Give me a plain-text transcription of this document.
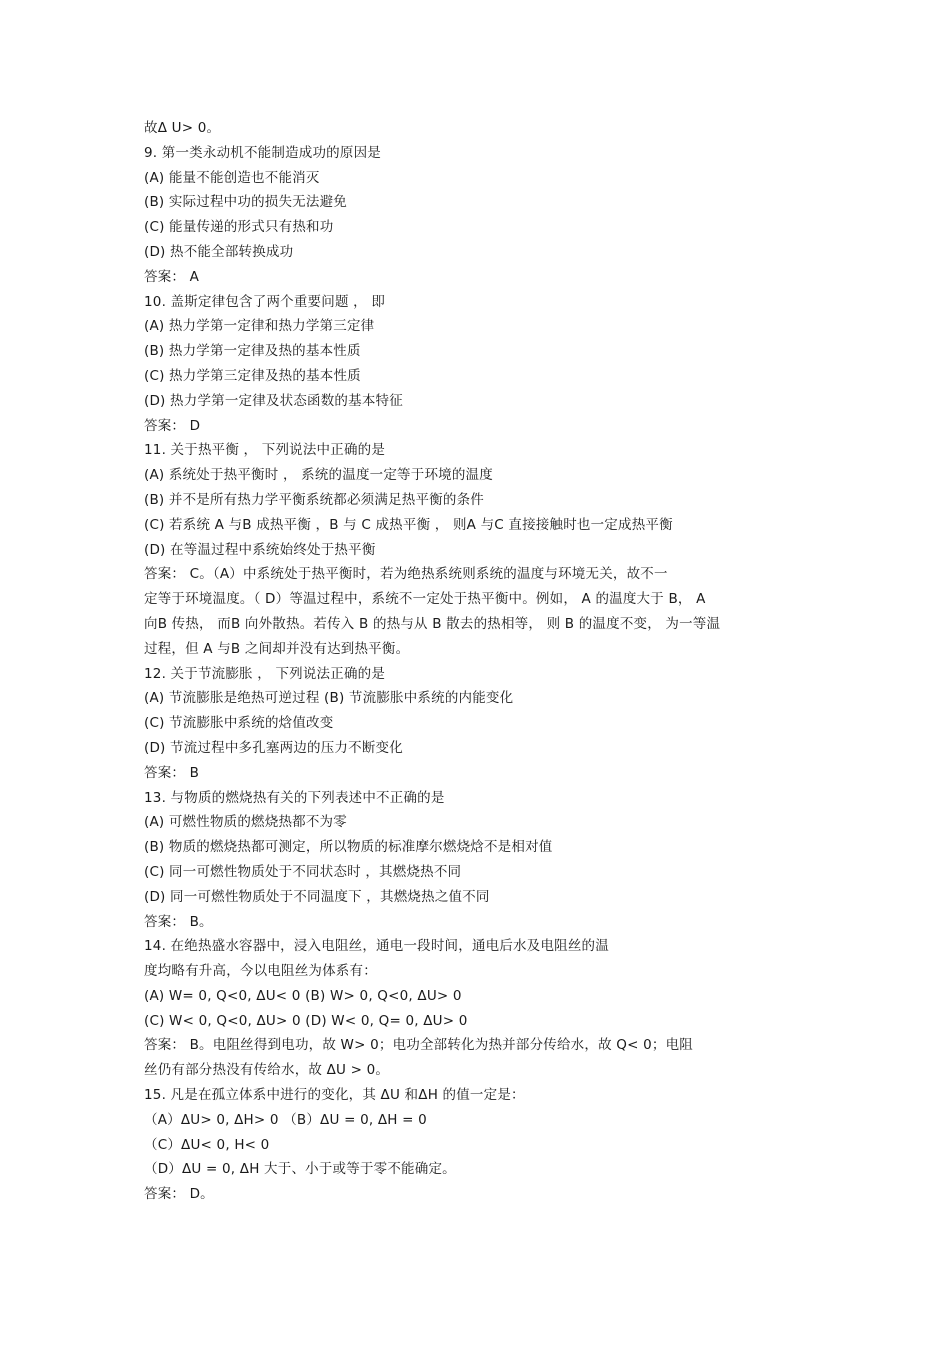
故Δ U> 0。
9. 第一类永动机不能制造成功的原因是
(A) 能量不能创造也不能消灭
(B) 实际过程中功的损失无法避免
(C) 能量传递的形式只有热和功
(D) 热不能全部转换成功
答案： A
10. 盖斯定律包含了两个重要问题 ， 即
(A) 热力学第一定律和热力学第三定律
(B) 热力学第一定律及热的基本性质
(C) 热力学第三定律及热的基本性质
(D) 热力学第一定律及状态函数的基本特征
答案： D
11. 关于热平衡 ， 下列说法中正确的是
(A) 系统处于热平衡时 ， 系统的温度一定等于环境的温度
(B) 并不是所有热力学平衡系统都必须满足热平衡的条件
(C) 若系统 A 与B 成热平衡 ，B 与 C 成热平衡 ， 则A 与C 直接接触时也一定成热平衡
(D) 在等温过程中系统始终处于热平衡
答案： C。（A）中系统处于热平衡时，若为绝热系统则系统的温度与环境无关，故不一
定等于环境温度。（ D）等温过程中，系统不一定处于热平衡中。例如， A 的温度大于 B， A
向B 传热， 而B 向外散热。若传入 B 的热与从 B 散去的热相等， 则 B 的温度不变， 为一等温
过程，但 A 与B 之间却并没有达到热平衡。
12. 关于节流膨胀 ， 下列说法正确的是
(A) 节流膨胀是绝热可逆过程 (B) 节流膨胀中系统的内能变化
(C) 节流膨胀中系统的焓值改变
(D) 节流过程中多孔塞两边的压力不断变化
答案： B
13. 与物质的燃烧热有关的下列表述中不正确的是
(A) 可燃性物质的燃烧热都不为零
(B) 物质的燃烧热都可测定，所以物质的标准摩尔燃烧焓不是相对值
(C) 同一可燃性物质处于不同状态时 ，其燃烧热不同
(D) 同一可燃性物质处于不同温度下 ，其燃烧热之值不同
答案： B。
14. 在绝热盛水容器中，浸入电阻丝，通电一段时间，通电后水及电阻丝的温
度均略有升高，今以电阻丝为体系有：
(A) W= 0, Q<0, ΔU< 0 (B) W> 0, Q<0, ΔU> 0
(C) W< 0, Q<0, ΔU> 0 (D) W< 0, Q= 0, ΔU> 0
答案： B。电阻丝得到电功，故 W> 0；电功全部转化为热并部分传给水，故 Q< 0；电阻
丝仍有部分热没有传给水，故 ΔU > 0。
15. 凡是在孤立体系中进行的变化，其 ΔU 和ΔH 的值一定是：
（A）ΔU> 0, ΔH> 0 （B）ΔU = 0, ΔH = 0
（C）ΔU< 0, H< 0
（D）ΔU = 0, ΔH 大于、小于或等于零不能确定。
答案： D。
